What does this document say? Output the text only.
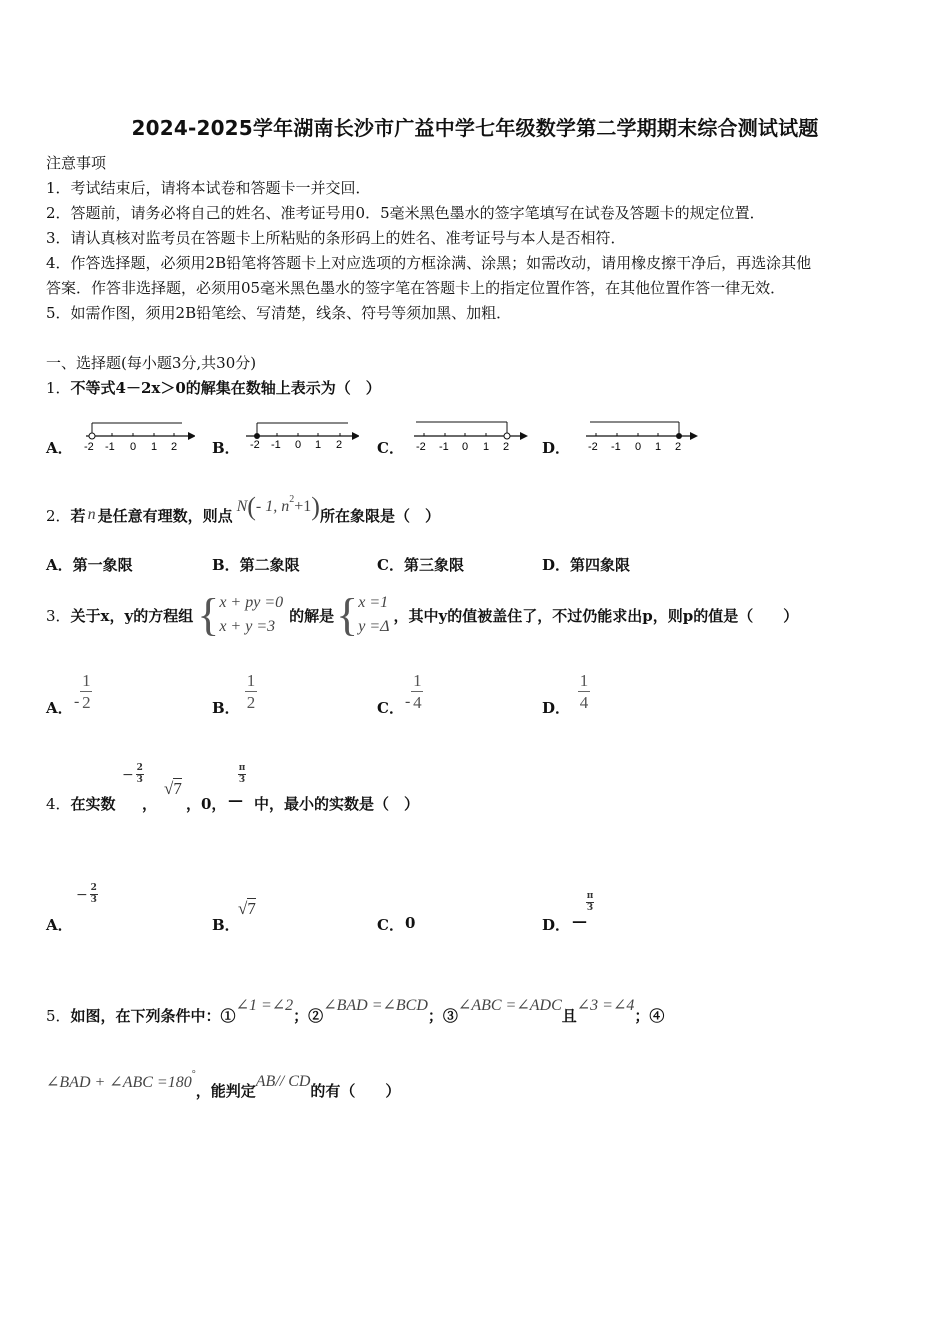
2024-2025学年湖南长沙市广益中学七年级数学第二学期期末综合测试试题
注意事项
1．考试结束后，请将本试卷和答题卡一并交回．
2．答题前，请务必将自己的姓名、准考证号用0．5毫米黑色墨水的签字笔填写在试卷及答题卡的规定位置．
3．请认真核对监考员在答题卡上所粘贴的条形码上的姓名、准考证号与本人是否相符．
4．作答选择题，必须用2B铅笔将答题卡上对应选项的方框涂满、涂黑；如需改动，请用橡皮擦干净后，再选涂其他
答案．作答非选择题，必须用05毫米黑色墨水的签字笔在答题卡上的指定位置作答，在其他位置作答一律无效．
5．如需作图，须用2B铅笔绘、写清楚，线条、符号等须加黑、加粗．
一、选择题(每小题3分,共30分)
1．不等式4－2x＞0的解集在数轴上表示为（　）
A． -2 -1 0 1 2 B． -2 -1 0 1 2 C． -2 -1 0 1 2 D． -2 -1 0 1 2
2． 若 n 是任意有理数，则点 N ( - 1, n 2 +1 ) 所在象限是（　）
A．第一象限	B．第二象限	C．第三象限	D．第四象限
3． 关于x，y的方程组 { x + py =0
x + y =3
的解是 { x =1
y =Δ
，其中y的值被盖住了，不过仍能求出p，则p的值是（　　）
A． - $\frac{1}{2}$	B． $\frac{1}{2}$	C． - $\frac{1}{4}$	D． $\frac{1}{4}$
4．在实数
− 2
3
，
√7
，0，
π
3
— 中，最小的实数是（　）
A．
− 2
3
B．
√7
C． 0	D．
$\frac{\pi}{3}$
—
5． 如图，在下列条件中：①
∠1 =∠2
；②
∠BAD =∠BCD
；③
∠ABC =∠ADC
且
∠3 =∠4
；④
∠BAD + ∠ABC =180 °
，能判定 AB// CD 的有（　　）
